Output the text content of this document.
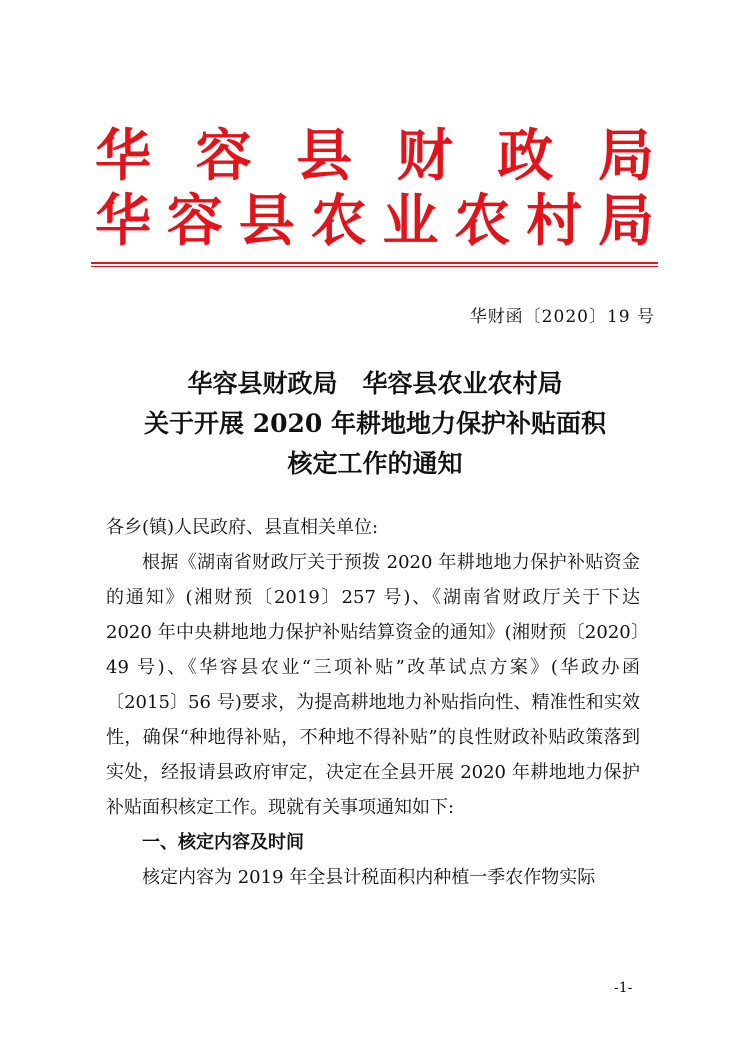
华 容 县 财 政 局
华容县农业农村局
华财函〔2020〕19 号
华容县财政局　华容县农业农村局
关于开展 2020 年耕地地力保护补贴面积
核定工作的通知

各乡(镇)人民政府、县直相关单位:

根据《湖南省财政厅关于预拨 2020 年耕地地力保护补贴资金的通知》(湘财预〔2019〕257 号)、《湖南省财政厅关于下达 2020 年中央耕地地力保护补贴结算资金的通知》(湘财预〔2020〕49 号)、《华容县农业“三项补贴”改革试点方案》(华政办函〔2015〕56 号)要求，为提高耕地地力补贴指向性、精准性和实效性，确保“种地得补贴，不种地不得补贴”的良性财政补贴政策落到实处，经报请县政府审定，决定在全县开展 2020 年耕地地力保护补贴面积核定工作。现就有关事项通知如下:

一、核定内容及时间

核定内容为 2019 年全县计税面积内种植一季农作物实际

-1-
